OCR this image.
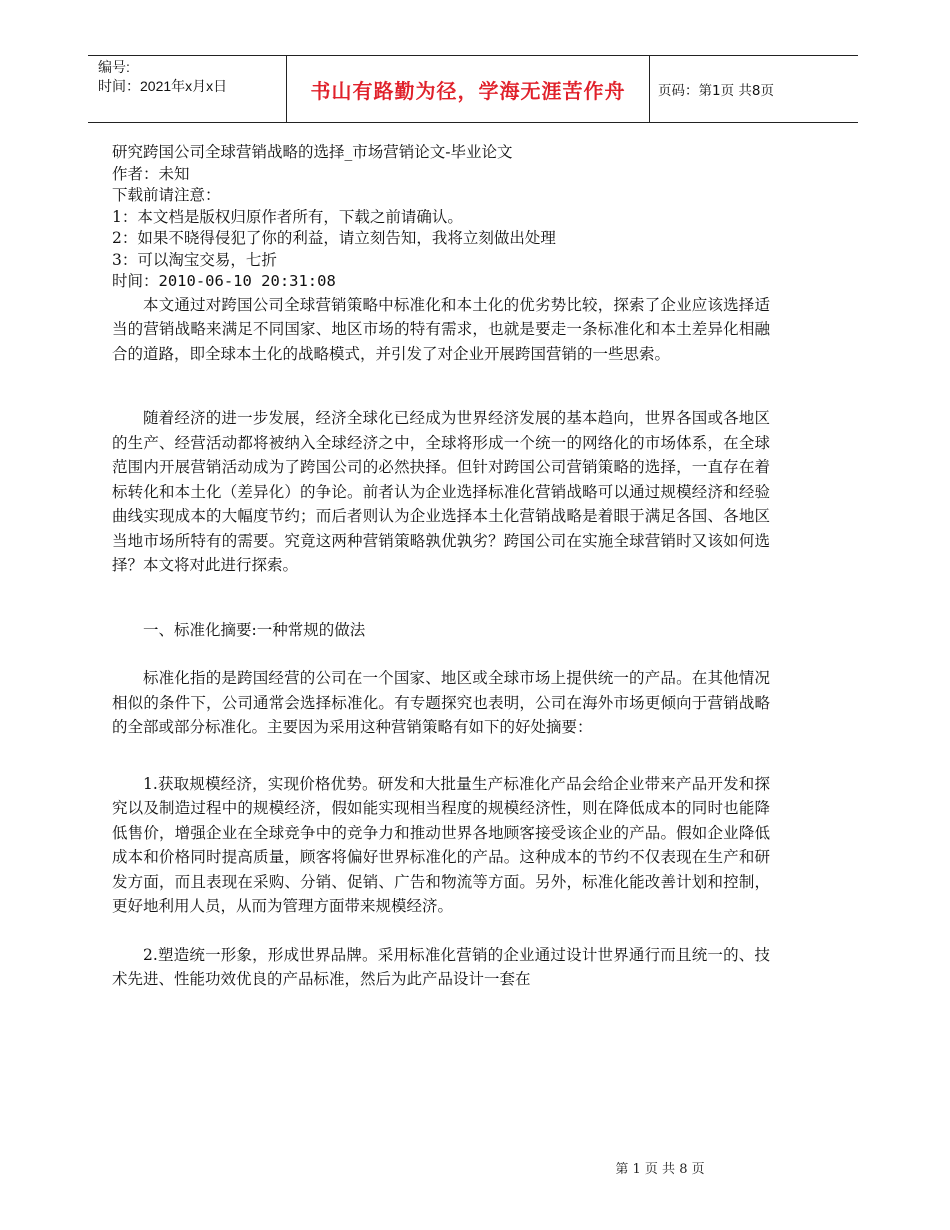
编号:
时间：2021年x月x日	书山有路勤为径，学海无涯苦作舟 页码：第1页 共8页
研究跨国公司全球营销战略的选择_市场营销论文-毕业论文
作者：未知
下载前请注意：
1：本文档是版权归原作者所有，下载之前请确认。
2：如果不晓得侵犯了你的利益，请立刻告知，我将立刻做出处理
3：可以淘宝交易，七折
时间：2010-06-10 20:31:08

本文通过对跨国公司全球营销策略中标准化和本土化的优劣势比较，探索了企业应该选择适当的营销战略来满足不同国家、地区市场的特有需求，也就是要走一条标准化和本土差异化相融合的道路，即全球本土化的战略模式，并引发了对企业开展跨国营销的一些思索。

随着经济的进一步发展，经济全球化已经成为世界经济发展的基本趋向，世界各国或各地区的生产、经营活动都将被纳入全球经济之中，全球将形成一个统一的网络化的市场体系，在全球范围内开展营销活动成为了跨国公司的必然抉择。但针对跨国公司营销策略的选择，一直存在着标转化和本土化（差异化）的争论。前者认为企业选择标准化营销战略可以通过规模经济和经验曲线实现成本的大幅度节约；而后者则认为企业选择本土化营销战略是着眼于满足各国、各地区当地市场所特有的需要。究竟这两种营销策略孰优孰劣？跨国公司在实施全球营销时又该如何选择？本文将对此进行探索。

一、标准化摘要:一种常规的做法

标准化指的是跨国经营的公司在一个国家、地区或全球市场上提供统一的产品。在其他情况相似的条件下，公司通常会选择标准化。有专题探究也表明，公司在海外市场更倾向于营销战略的全部或部分标准化。主要因为采用这种营销策略有如下的好处摘要：

1.获取规模经济，实现价格优势。研发和大批量生产标准化产品会给企业带来产品开发和探究以及制造过程中的规模经济，假如能实现相当程度的规模经济性，则在降低成本的同时也能降低售价，增强企业在全球竞争中的竞争力和推动世界各地顾客接受该企业的产品。假如企业降低成本和价格同时提高质量，顾客将偏好世界标准化的产品。这种成本的节约不仅表现在生产和研发方面，而且表现在采购、分销、促销、广告和物流等方面。另外，标准化能改善计划和控制，更好地利用人员，从而为管理方面带来规模经济。

2.塑造统一形象，形成世界品牌。采用标准化营销的企业通过设计世界通行而且统一的、技术先进、性能功效优良的产品标准，然后为此产品设计一套在

第 1 页 共 8 页
